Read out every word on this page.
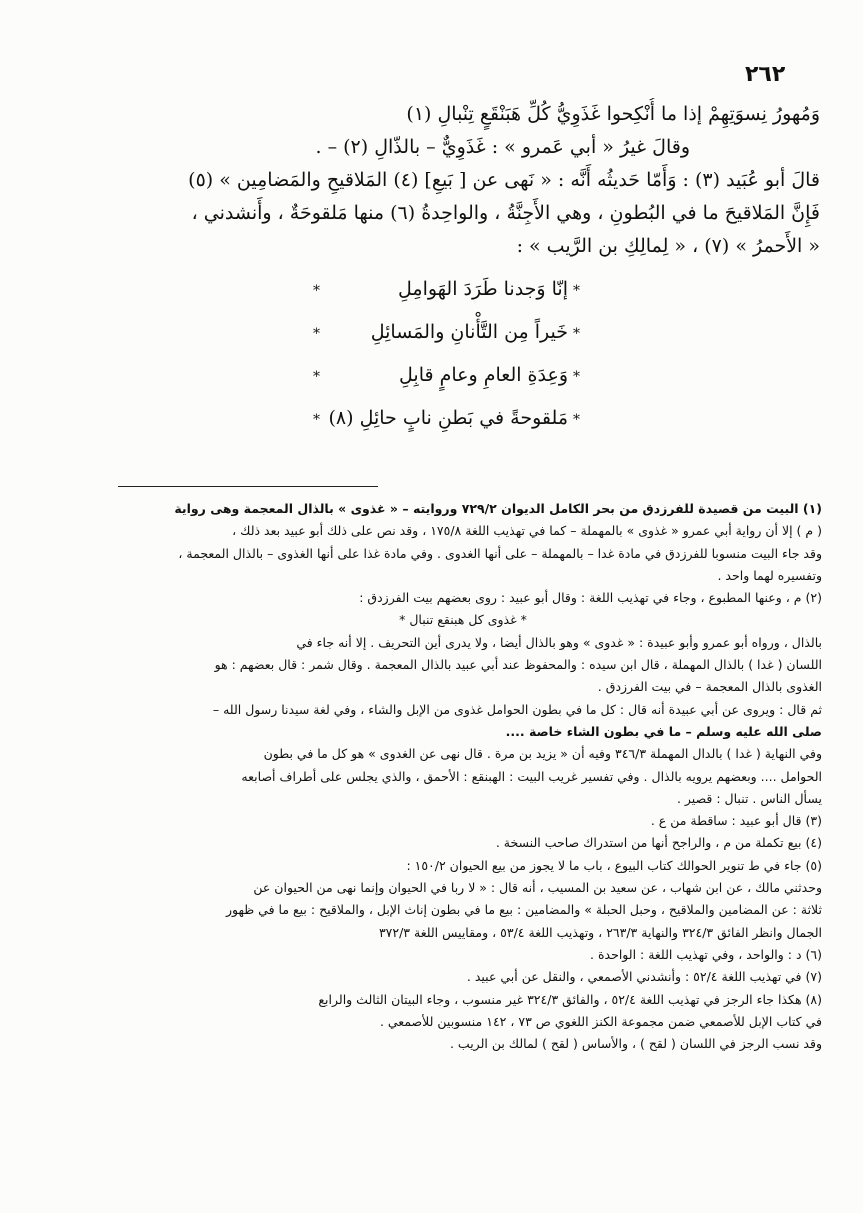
٢٦٢
وَمُهورُ نِسوَتِهِمْ إذا ما أُنْكِحوا غَذَوِيُّ كُلِّ هَبَنْقَعٍ تِنْبالِ (١)
وقالَ غيرُ « أبي عَمرو » : غَذَوِيٌّ – بالذّالِ (٢) – .
قالَ أبو عُبَيد (٣) : وَأَمّا حَديثُه أَنَّه : « نَهى عن [ بَيعِ] (٤) المَلاقيحِ والمَضامِين » (٥)
فَإِنَّ المَلاقيحَ ما في البُطونِ ، وهي الأَجِنَّةُ ، والواحِدةُ (٦) منها مَلقوحَةٌ ، وأَنشدني ،
« الأَحمرُ » (٧) ، « لِمالِكِ بن الرَّيب » :
*
إنّا وَجدنا طَرَدَ الهَوامِلِ
*
*
خَيراً مِن التَّأْنانِ والمَسائِلِ
*
*
وَعِدَةِ العامِ وعامٍ قابِلِ
*
*
مَلقوحةً في بَطنِ نابٍ حائِلِ (٨)
*
(١) البيت من قصيدة للفرزدق من بحر الكامل الديوان ٧٢٩/٢ وروايته – « غذوى » بالذال المعجمة وهى رواية
( م ) إلا أن رواية أبي عمرو « غذوى » بالمهملة – كما في تهذيب اللغة ١٧٥/٨ ، وقد نص على ذلك أبو عبيد بعد ذلك ،
وقد جاء البيت منسوبا للفرزدق في مادة غدا – بالمهملة – على أنها الغدوى . وفي مادة غذا على أنها الغذوى – بالذال المعجمة ،
وتفسيره لهما واحد .
(٢) م ، وعنها المطبوع ، وجاء في تهذيب اللغة : وقال أبو عبيد : روى بعضهم بيت الفرزدق :
* غذوى كل هبنقع تنبال *
بالذال ، ورواه أبو عمرو وأبو عبيدة : « غدوى » وهو بالذال أيضا ، ولا يدرى أين التحريف . إلا أنه جاء في
اللسان ( غدا ) بالذال المهملة ، قال ابن سيده : والمحفوظ عند أبي عبيد بالذال المعجمة . وقال شمر : قال بعضهم : هو
الغذوى بالذال المعجمة – في بيت الفرزدق .
ثم قال : ويروى عن أبي عبيدة أنه قال : كل ما في بطون الحوامل غذوى من الإبل والشاء ، وفي لغة سيدنا رسول الله –
صلى الله عليه وسلم – ما في بطون الشاء خاصة ....
وفي النهاية ( غدا ) بالدال المهملة ٣٤٦/٣ وفيه أن « يزيد بن مرة . قال نهى عن الغدوى » هو كل ما في بطون
الحوامل .... وبعضهم يرويه بالذال . وفي تفسير غريب البيت : الهبنقع : الأحمق ، والذي يجلس على أطراف أصابعه
يسأل الناس . تنبال : قصير .
(٣) قال أبو عبيد : ساقطة من ع .
(٤) بيع تكملة من م ، والراجح أنها من استدراك صاحب النسخة .
(٥) جاء في ط تنوير الحوالك كتاب البيوع ، باب ما لا يجوز من بيع الحيوان ١٥٠/٢ :
وحدثني مالك ، عن ابن شهاب ، عن سعيد بن المسيب ، أنه قال : « لا ربا في الحيوان وإنما نهى من الحيوان عن
ثلاثة : عن المضامين والملاقيح ، وحبل الحبلة » والمضامين : بيع ما في بطون إناث الإبل ، والملاقيح : بيع ما في ظهور
الجمال وانظر الفائق ٣٢٤/٣ والنهاية ٢٦٣/٣ ، وتهذيب اللغة ٥٣/٤ ، ومقاييس اللغة ٣٧٢/٣
(٦) د : والواحد ، وفي تهذيب اللغة : الواحدة .
(٧) في تهذيب اللغة ٥٢/٤ : وأنشدني الأصمعي ، والنقل عن أبي عبيد .
(٨) هكذا جاء الرجز في تهذيب اللغة ٥٢/٤ ، والفائق ٣٢٤/٣ غير منسوب ، وجاء البيتان الثالث والرابع
في كتاب الإبل للأصمعي ضمن مجموعة الكنز اللغوي ص ٧٣ ، ١٤٢ منسوبين للأصمعي .
وقد نسب الرجز في اللسان ( لقح ) ، والأساس ( لقح ) لمالك بن الريب .
